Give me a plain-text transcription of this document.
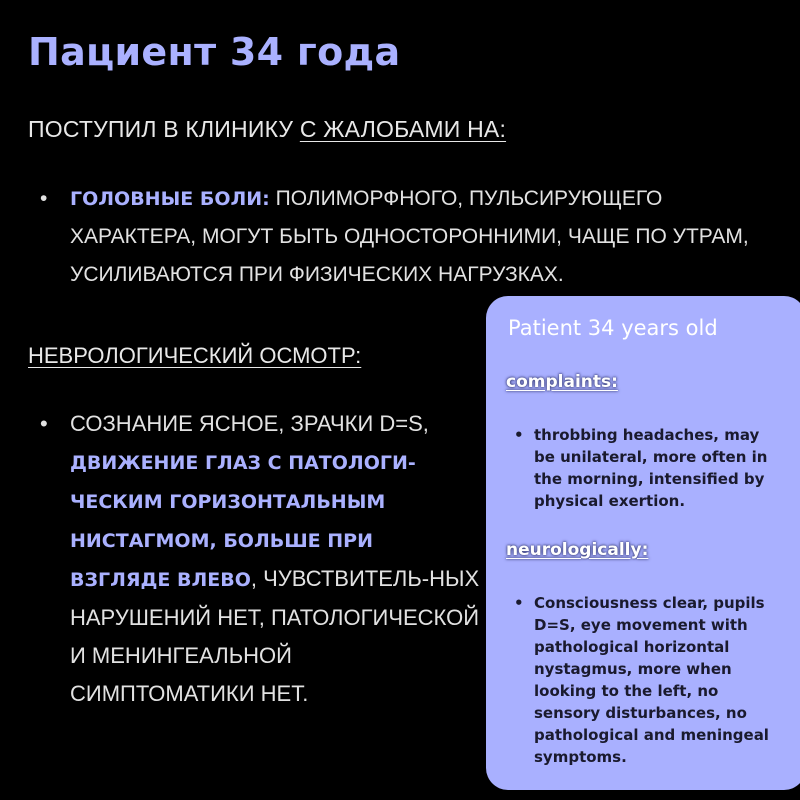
Пациент 34 года
ПОСТУПИЛ В КЛИНИКУ С ЖАЛОБАМИ НА:
•	ГОЛОВНЫЕ БОЛИ: ПОЛИМОРФНОГО, ПУЛЬСИРУЮЩЕГО ХАРАКТЕРА, МОГУТ БЫТЬ ОДНОСТОРОННИМИ, ЧАЩЕ ПО УТРАМ, УСИЛИВАЮТСЯ ПРИ ФИЗИЧЕСКИХ НАГРУЗКАХ.
НЕВРОЛОГИЧЕСКИЙ ОСМОТР:
•	СОЗНАНИЕ ЯСНОЕ, ЗРАЧКИ D=S, ДВИЖЕНИЕ ГЛАЗ С ПАТОЛОГИ-ЧЕСКИМ ГОРИЗОНТАЛЬНЫМ НИСТАГМОМ, БОЛЬШЕ ПРИ ВЗГЛЯДЕ ВЛЕВО, ЧУВСТВИТЕЛЬ-НЫХ НАРУШЕНИЙ НЕТ, ПАТОЛОГИЧЕСКОЙ И МЕНИНГЕАЛЬНОЙ СИМПТОМАТИКИ НЕТ.
Patient 34 years old
complaints:
• throbbing headaches, may be unilateral, more often in the morning, intensified by physical exertion.
neurologically:
• Consciousness clear, pupils D=S, eye movement with pathological horizontal nystagmus, more when looking to the left, no sensory disturbances, no pathological and meningeal symptoms.
